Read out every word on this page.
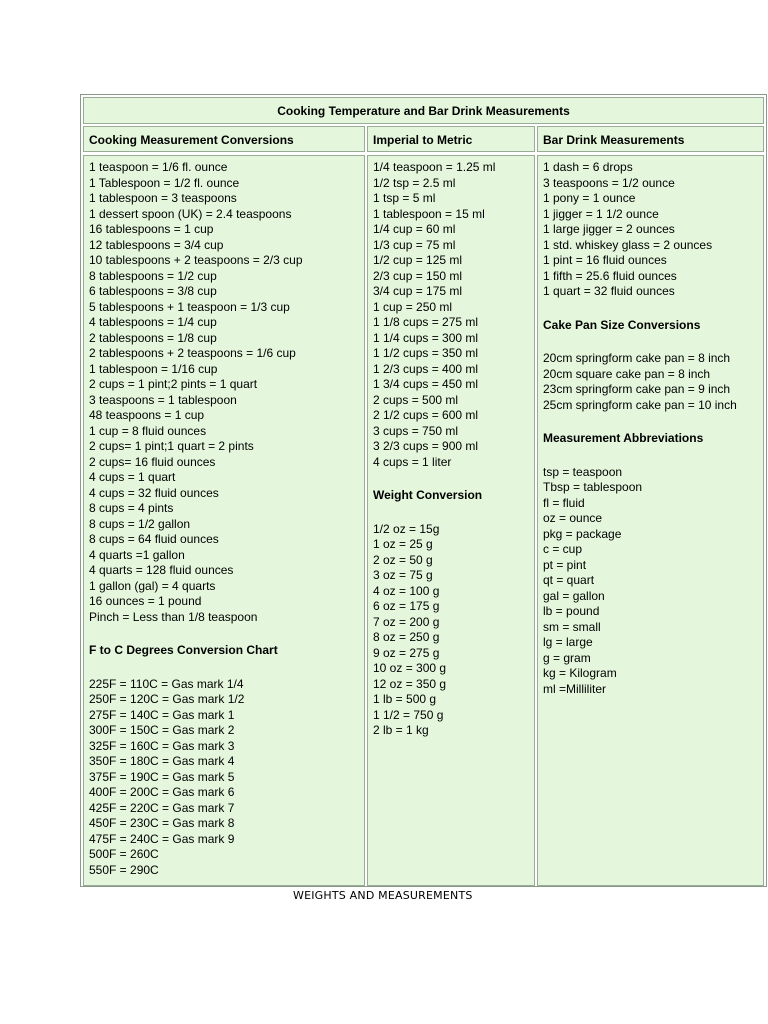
Cooking Temperature and Bar Drink Measurements
Cooking Measurement Conversions	Imperial to Metric	Bar Drink Measurements
1 teaspoon = 1/6 fl. ounce
1 Tablespoon = 1/2 fl. ounce
1 tablespoon = 3 teaspoons
1 dessert spoon (UK) = 2.4 teaspoons
16 tablespoons = 1 cup
12 tablespoons = 3/4 cup
10 tablespoons + 2 teaspoons = 2/3 cup
8 tablespoons = 1/2 cup
6 tablespoons = 3/8 cup
5 tablespoons + 1 teaspoon = 1/3 cup
4 tablespoons = 1/4 cup
2 tablespoons = 1/8 cup
2 tablespoons + 2 teaspoons = 1/6 cup
1 tablespoon = 1/16 cup
2 cups = 1 pint;2 pints = 1 quart
3 teaspoons = 1 tablespoon
48 teaspoons = 1 cup
1 cup = 8 fluid ounces
2 cups= 1 pint;1 quart = 2 pints
2 cups= 16 fluid ounces
4 cups = 1 quart
4 cups = 32 fluid ounces
8 cups = 4 pints
8 cups = 1/2 gallon
8 cups = 64 fluid ounces
4 quarts =1 gallon
4 quarts = 128 fluid ounces
1 gallon (gal) = 4 quarts
16 ounces = 1 pound
Pinch = Less than 1/8 teaspoon
F to C Degrees Conversion Chart
225F = 110C = Gas mark 1/4
250F = 120C = Gas mark 1/2
275F = 140C = Gas mark 1
300F = 150C = Gas mark 2
325F = 160C = Gas mark 3
350F = 180C = Gas mark 4
375F = 190C = Gas mark 5
400F = 200C = Gas mark 6
425F = 220C = Gas mark 7
450F = 230C = Gas mark 8
475F = 240C = Gas mark 9
500F = 260C
550F = 290C
1/4 teaspoon = 1.25 ml
1/2 tsp = 2.5 ml
1 tsp = 5 ml
1 tablespoon = 15 ml
1/4 cup = 60 ml
1/3 cup = 75 ml
1/2 cup = 125 ml
2/3 cup = 150 ml
3/4 cup = 175 ml
1 cup = 250 ml
1 1/8 cups = 275 ml
1 1/4 cups = 300 ml
1 1/2 cups = 350 ml
1 2/3 cups = 400 ml
1 3/4 cups = 450 ml
2 cups = 500 ml
2 1/2 cups = 600 ml
3 cups = 750 ml
3 2/3 cups = 900 ml
4 cups = 1 liter
Weight Conversion
1/2 oz = 15g
1 oz = 25 g
2 oz = 50 g
3 oz = 75 g
4 oz = 100 g
6 oz = 175 g
7 oz = 200 g
8 oz = 250 g
9 oz = 275 g
10 oz = 300 g
12 oz = 350 g
1 lb = 500 g
1 1/2 = 750 g
2 lb = 1 kg
1 dash = 6 drops
3 teaspoons = 1/2 ounce
1 pony = 1 ounce
1 jigger = 1 1/2 ounce
1 large jigger = 2 ounces
1 std. whiskey glass = 2 ounces
1 pint = 16 fluid ounces
1 fifth = 25.6 fluid ounces
1 quart = 32 fluid ounces
Cake Pan Size Conversions
20cm springform cake pan = 8 inch
20cm square cake pan = 8 inch
23cm springform cake pan = 9 inch
25cm springform cake pan = 10 inch
Measurement Abbreviations
tsp = teaspoon
Tbsp = tablespoon
fl = fluid
oz = ounce
pkg = package
c = cup
pt = pint
qt = quart
gal = gallon
lb = pound
sm = small
lg = large
g = gram
kg = Kilogram
ml =Milliliter
WEIGHTS AND MEASUREMENTS
